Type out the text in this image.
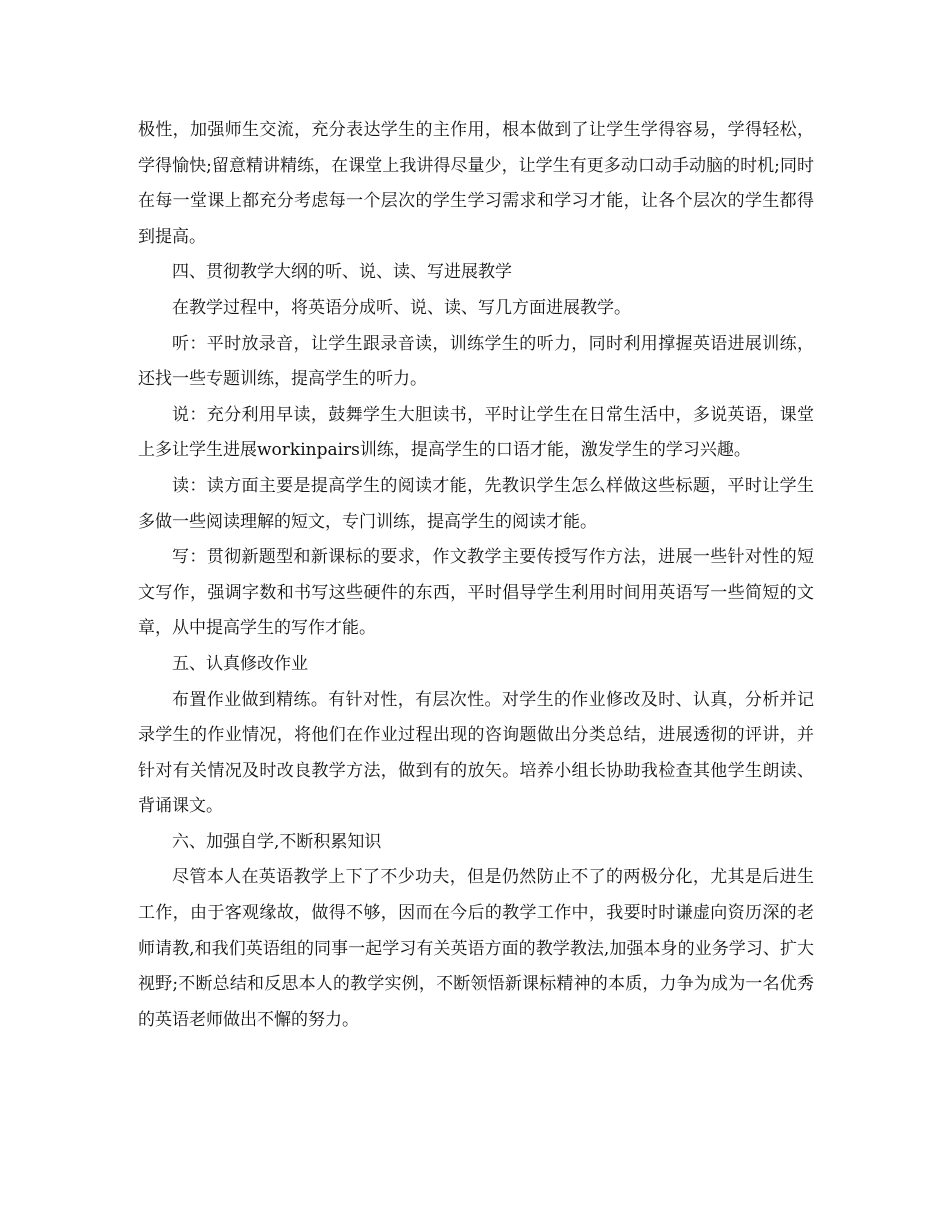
极性，加强师生交流，充分表达学生的主作用，根本做到了让学生学得容易，学得轻松，学得愉快;留意精讲精练，在课堂上我讲得尽量少，让学生有更多动口动手动脑的时机;同时在每一堂课上都充分考虑每一个层次的学生学习需求和学习才能，让各个层次的学生都得到提高。

四、贯彻教学大纲的听、说、读、写进展教学

在教学过程中，将英语分成听、说、读、写几方面进展教学。

听：平时放录音，让学生跟录音读，训练学生的听力，同时利用撑握英语进展训练，还找一些专题训练，提高学生的听力。

说：充分利用早读，鼓舞学生大胆读书，平时让学生在日常生活中，多说英语，课堂上多让学生进展workinpairs训练，提高学生的口语才能，激发学生的学习兴趣。

读：读方面主要是提高学生的阅读才能，先教识学生怎么样做这些标题，平时让学生多做一些阅读理解的短文，专门训练，提高学生的阅读才能。

写：贯彻新题型和新课标的要求，作文教学主要传授写作方法，进展一些针对性的短文写作，强调字数和书写这些硬件的东西，平时倡导学生利用时间用英语写一些简短的文章，从中提高学生的写作才能。

五、认真修改作业

布置作业做到精练。有针对性，有层次性。对学生的作业修改及时、认真，分析并记录学生的作业情况，将他们在作业过程出现的咨询题做出分类总结，进展透彻的评讲，并针对有关情况及时改良教学方法，做到有的放矢。培养小组长协助我检查其他学生朗读、背诵课文。

六、加强自学,不断积累知识

尽管本人在英语教学上下了不少功夫，但是仍然防止不了的两极分化，尤其是后进生工作，由于客观缘故，做得不够，因而在今后的教学工作中，我要时时谦虚向资历深的老师请教,和我们英语组的同事一起学习有关英语方面的教学教法,加强本身的业务学习、扩大视野;不断总结和反思本人的教学实例，不断领悟新课标精神的本质，力争为成为一名优秀的英语老师做出不懈的努力。
